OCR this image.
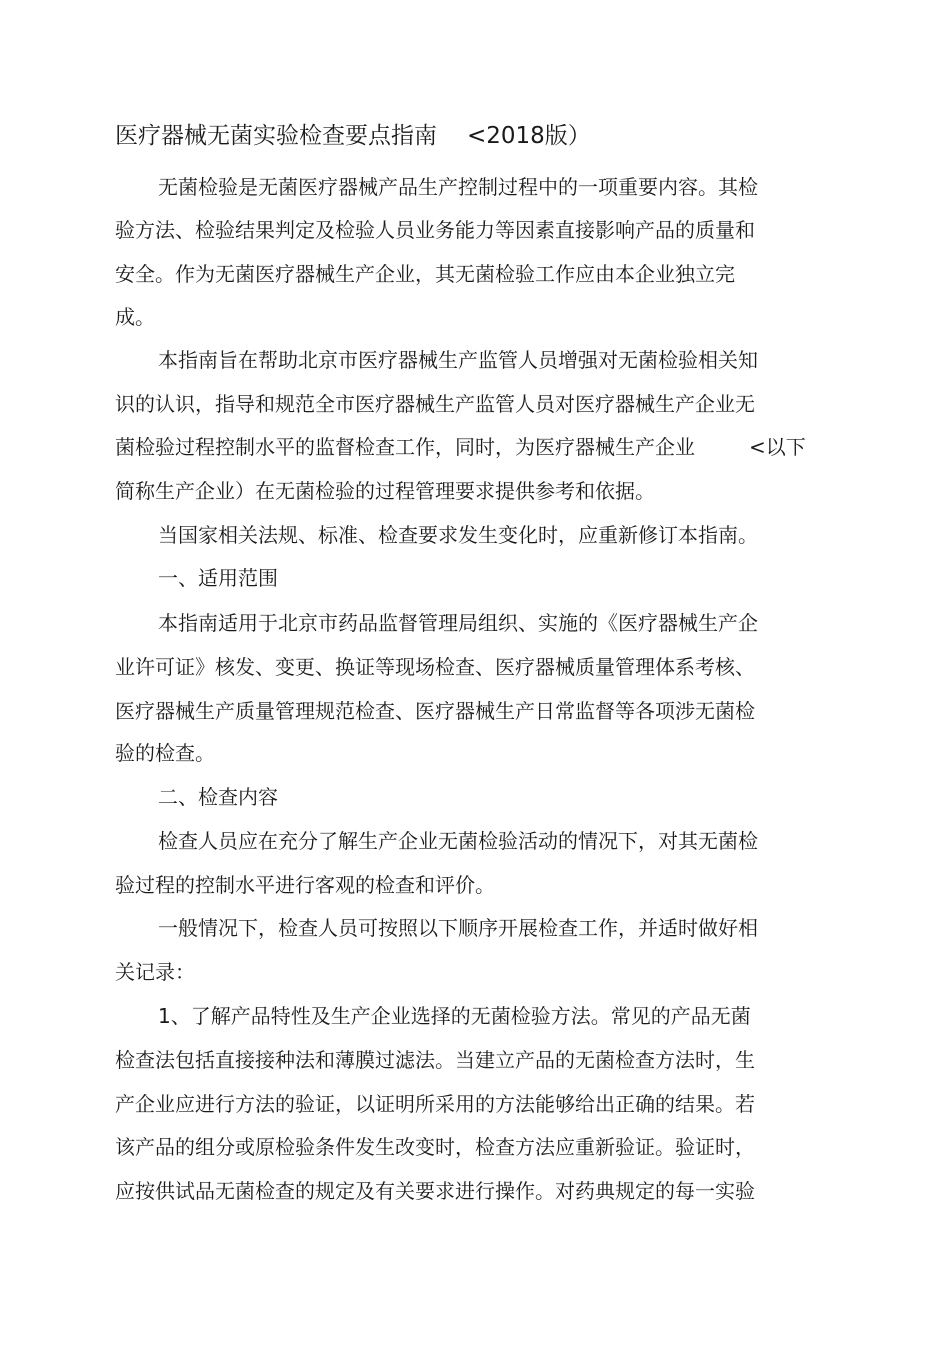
医疗器械无菌实验检查要点指南 <2018版）
无菌检验是无菌医疗器械产品生产控制过程中的一项重要内容。其检
验方法、检验结果判定及检验人员业务能力等因素直接影响产品的质量和
安全。作为无菌医疗器械生产企业，其无菌检验工作应由本企业独立完
成。
本指南旨在帮助北京市医疗器械生产监管人员增强对无菌检验相关知
识的认识，指导和规范全市医疗器械生产监管人员对医疗器械生产企业无
菌检验过程控制水平的监督检查工作，同时，为医疗器械生产企业	<以下
简称生产企业）在无菌检验的过程管理要求提供参考和依据。
当国家相关法规、标准、检查要求发生变化时，应重新修订本指南。
一、适用范围
本指南适用于北京市药品监督管理局组织、实施的《医疗器械生产企
业许可证》核发、变更、换证等现场检查、医疗器械质量管理体系考核、
医疗器械生产质量管理规范检查、医疗器械生产日常监督等各项涉无菌检
验的检查。
二、检查内容
检查人员应在充分了解生产企业无菌检验活动的情况下，对其无菌检
验过程的控制水平进行客观的检查和评价。
一般情况下，检查人员可按照以下顺序开展检查工作，并适时做好相
关记录：
1、了解产品特性及生产企业选择的无菌检验方法。常见的产品无菌
检查法包括直接接种法和薄膜过滤法。当建立产品的无菌检查方法时，生
产企业应进行方法的验证，以证明所采用的方法能够给出正确的结果。若
该产品的组分或原检验条件发生改变时，检查方法应重新验证。验证时，
应按供试品无菌检查的规定及有关要求进行操作。对药典规定的每一实验
